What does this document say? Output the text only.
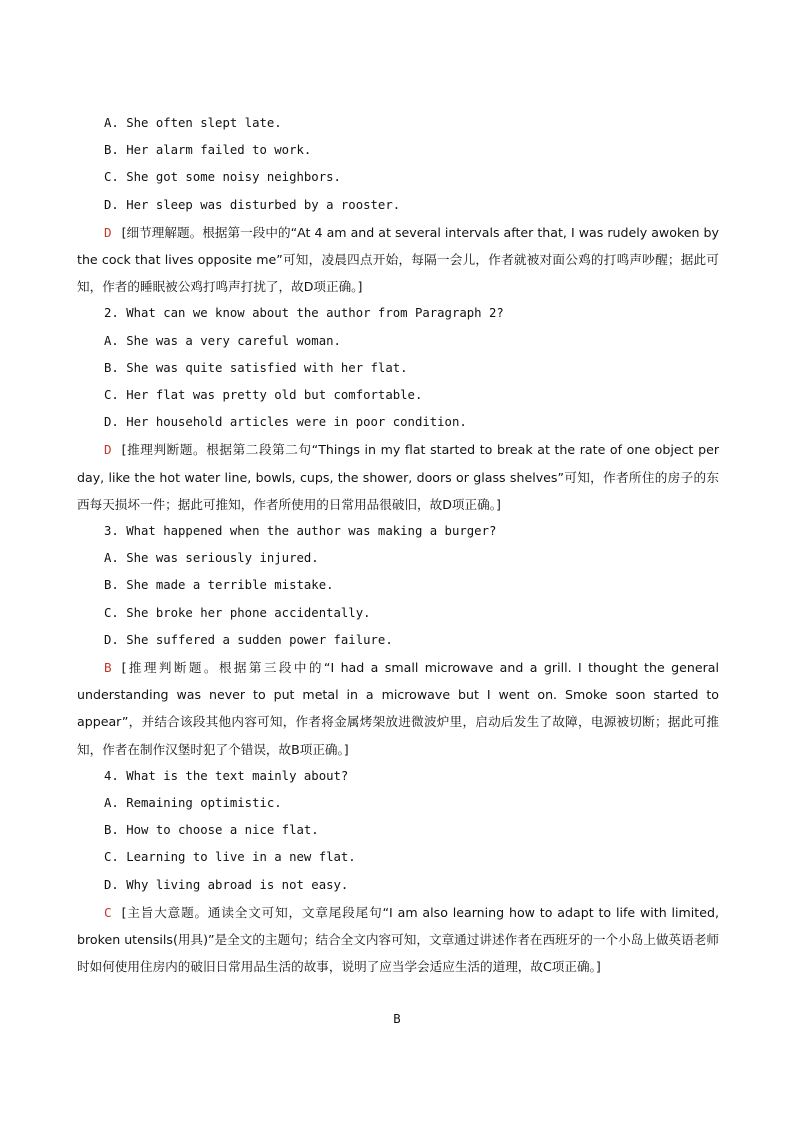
A. She often slept late.
B. Her alarm failed to work.
C. She got some noisy neighbors.
D. Her sleep was disturbed by a rooster.
D [细节理解题。根据第一段中的“At 4 am and at several intervals after that, I was rudely awoken by the cock that lives opposite me”可知，凌晨四点开始，每隔一会儿，作者就被对面公鸡的打鸣声吵醒；据此可知，作者的睡眠被公鸡打鸣声打扰了，故D项正确。]
2. What can we know about the author from Paragraph 2?
A. She was a very careful woman.
B. She was quite satisfied with her flat.
C. Her flat was pretty old but comfortable.
D. Her household articles were in poor condition.
D [推理判断题。根据第二段第二句“Things in my flat started to break at the rate of one object per day, like the hot water line, bowls, cups, the shower, doors or glass shelves”可知，作者所住的房子的东西每天损坏一件；据此可推知，作者所使用的日常用品很破旧，故D项正确。]
3. What happened when the author was making a burger?
A. She was seriously injured.
B. She made a terrible mistake.
C. She broke her phone accidentally.
D. She suffered a sudden power failure.
B [推理判断题。根据第三段中的“I had a small microwave and a grill. I thought the general understanding was never to put metal in a microwave but I went on. Smoke soon started to appear”，并结合该段其他内容可知，作者将金属烤架放进微波炉里，启动后发生了故障，电源被切断；据此可推知，作者在制作汉堡时犯了个错误，故B项正确。]
4. What is the text mainly about?
A. Remaining optimistic.
B. How to choose a nice flat.
C. Learning to live in a new flat.
D. Why living abroad is not easy.
C [主旨大意题。通读全文可知，文章尾段尾句“I am also learning how to adapt to life with limited, broken utensils(用具)”是全文的主题句；结合全文内容可知，文章通过讲述作者在西班牙的一个小岛上做英语老师时如何使用住房内的破旧日常用品生活的故事，说明了应当学会适应生活的道理，故C项正确。]
B
